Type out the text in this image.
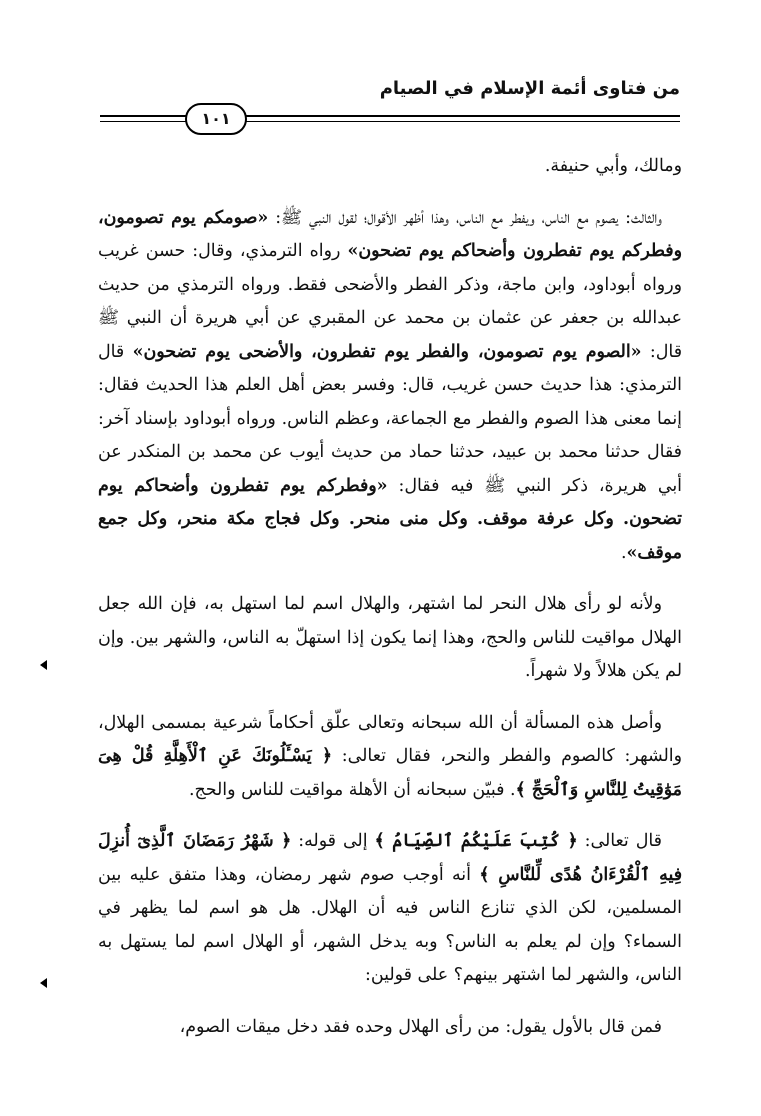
من فتاوى أئمة الإسلام في الصيام
١٠١

ومالك، وأبي حنيفة.

والثالث: يصوم مع الناس، ويفطر مع الناس، وهذا أظهر الأقوال؛ لقول النبي ﷺ: «صومكم يوم تصومون، وفطركم يوم تفطرون وأضحاكم يوم تضحون» رواه الترمذي، وقال: حسن غريب ورواه أبوداود، وابن ماجة، وذكر الفطر والأضحى فقط. ورواه الترمذي من حديث عبدالله بن جعفر عن عثمان بن محمد عن المقبري عن أبي هريرة أن النبي ﷺ قال: «الصوم يوم تصومون، والفطر يوم تفطرون، والأضحى يوم تضحون» قال الترمذي: هذا حديث حسن غريب، قال: وفسر بعض أهل العلم هذا الحديث فقال: إنما معنى هذا الصوم والفطر مع الجماعة، وعظم الناس. ورواه أبوداود بإسناد آخر: فقال حدثنا محمد بن عبيد، حدثنا حماد من حديث أيوب عن محمد بن المنكدر عن أبي هريرة، ذكر النبي ﷺ فيه فقال: «وفطركم يوم تفطرون وأضحاكم يوم تضحون. وكل عرفة موقف. وكل منى منحر. وكل فجاج مكة منحر، وكل جمع موقف».

ولأنه لو رأى هلال النحر لما اشتهر، والهلال اسم لما استهل به، فإن الله جعل الهلال مواقيت للناس والحج، وهذا إنما يكون إذا استهلّ به الناس، والشهر بين. وإن لم يكن هلالاً ولا شهراً.

وأصل هذه المسألة أن الله سبحانه وتعالى علّق أحكاماً شرعية بمسمى الهلال، والشهر: كالصوم والفطر والنحر، فقال تعالى: ﴿ يَسْـَٔلُونَكَ عَنِ ٱلْأَهِلَّةِ قُلْ هِىَ مَوَٰقِيتُ لِلنَّاسِ وَٱلْحَجِّ ﴾. فبيّن سبحانه أن الأهلة مواقيت للناس والحج.

قال تعالى: ﴿ كُتِبَ عَلَيْكُمُ ٱلصِّيَامُ ﴾ إلى قوله: ﴿ شَهْرُ رَمَضَانَ ٱلَّذِىٓ أُنزِلَ فِيهِ ٱلْقُرْءَانُ هُدًى لِّلنَّاسِ ﴾ أنه أوجب صوم شهر رمضان، وهذا متفق عليه بين المسلمين، لكن الذي تنازع الناس فيه أن الهلال. هل هو اسم لما يظهر في السماء؟ وإن لم يعلم به الناس؟ وبه يدخل الشهر، أو الهلال اسم لما يستهل به الناس، والشهر لما اشتهر بينهم؟ على قولين:

فمن قال بالأول يقول: من رأى الهلال وحده فقد دخل ميقات الصوم،
